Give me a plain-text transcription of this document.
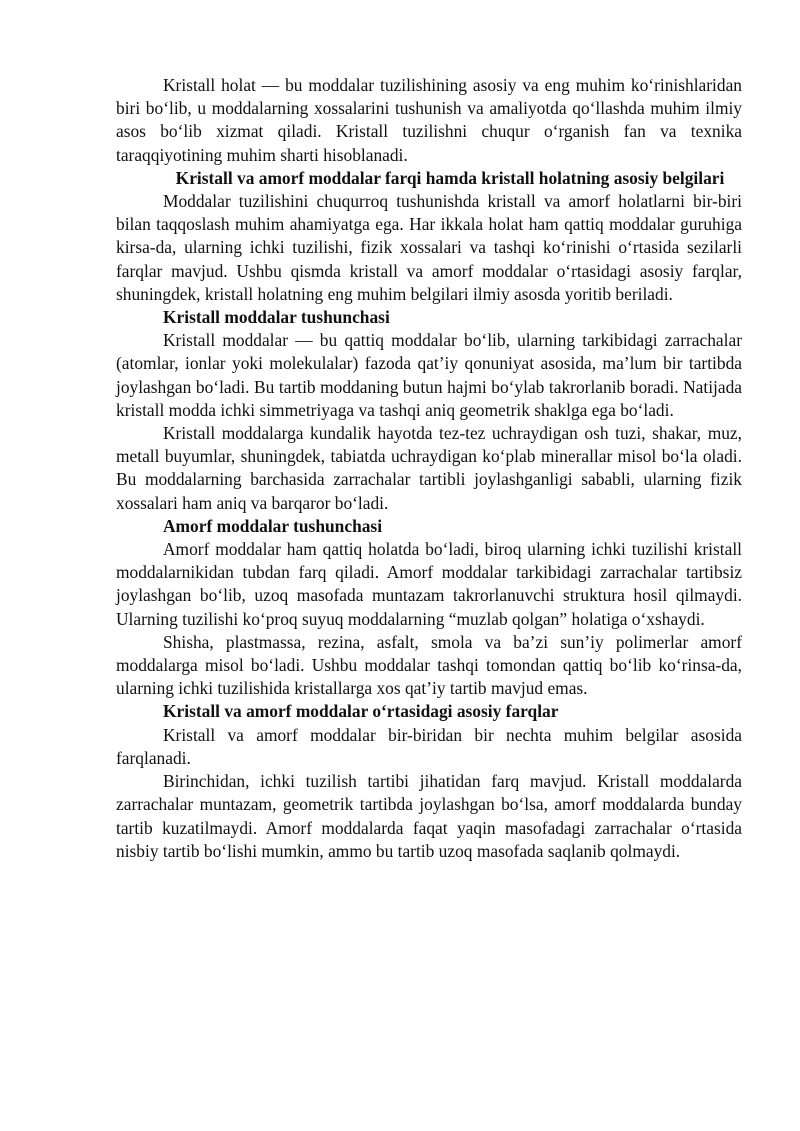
Kristall holat — bu moddalar tuzilishining asosiy va eng muhim ko‘rinishlaridan biri bo‘lib, u moddalarning xossalarini tushunish va amaliyotda qo‘llashda muhim ilmiy asos bo‘lib xizmat qiladi. Kristall tuzilishni chuqur o‘rganish fan va texnika taraqqiyotining muhim sharti hisoblanadi.

Kristall va amorf moddalar farqi hamda kristall holatning asosiy belgilari

Moddalar tuzilishini chuqurroq tushunishda kristall va amorf holatlarni bir-biri bilan taqqoslash muhim ahamiyatga ega. Har ikkala holat ham qattiq moddalar guruhiga kirsa-da, ularning ichki tuzilishi, fizik xossalari va tashqi ko‘rinishi o‘rtasida sezilarli farqlar mavjud. Ushbu qismda kristall va amorf moddalar o‘rtasidagi asosiy farqlar, shuningdek, kristall holatning eng muhim belgilari ilmiy asosda yoritib beriladi.

Kristall moddalar tushunchasi

Kristall moddalar — bu qattiq moddalar bo‘lib, ularning tarkibidagi zarrachalar (atomlar, ionlar yoki molekulalar) fazoda qat’iy qonuniyat asosida, ma’lum bir tartibda joylashgan bo‘ladi. Bu tartib moddaning butun hajmi bo‘ylab takrorlanib boradi. Natijada kristall modda ichki simmetriyaga va tashqi aniq geometrik shaklga ega bo‘ladi.

Kristall moddalarga kundalik hayotda tez-tez uchraydigan osh tuzi, shakar, muz, metall buyumlar, shuningdek, tabiatda uchraydigan ko‘plab minerallar misol bo‘la oladi. Bu moddalarning barchasida zarrachalar tartibli joylashganligi sababli, ularning fizik xossalari ham aniq va barqaror bo‘ladi.

Amorf moddalar tushunchasi

Amorf moddalar ham qattiq holatda bo‘ladi, biroq ularning ichki tuzilishi kristall moddalarnikidan tubdan farq qiladi. Amorf moddalar tarkibidagi zarrachalar tartibsiz joylashgan bo‘lib, uzoq masofada muntazam takrorlanuvchi struktura hosil qilmaydi. Ularning tuzilishi ko‘proq suyuq moddalarning “muzlab qolgan” holatiga o‘xshaydi.

Shisha, plastmassa, rezina, asfalt, smola va ba’zi sun’iy polimerlar amorf moddalarga misol bo‘ladi. Ushbu moddalar tashqi tomondan qattiq bo‘lib ko‘rinsa-da, ularning ichki tuzilishida kristallarga xos qat’iy tartib mavjud emas.

Kristall va amorf moddalar o‘rtasidagi asosiy farqlar

Kristall va amorf moddalar bir-biridan bir nechta muhim belgilar asosida farqlanadi.

Birinchidan, ichki tuzilish tartibi jihatidan farq mavjud. Kristall moddalarda zarrachalar muntazam, geometrik tartibda joylashgan bo‘lsa, amorf moddalarda bunday tartib kuzatilmaydi. Amorf moddalarda faqat yaqin masofadagi zarrachalar o‘rtasida nisbiy tartib bo‘lishi mumkin, ammo bu tartib uzoq masofada saqlanib qolmaydi.
